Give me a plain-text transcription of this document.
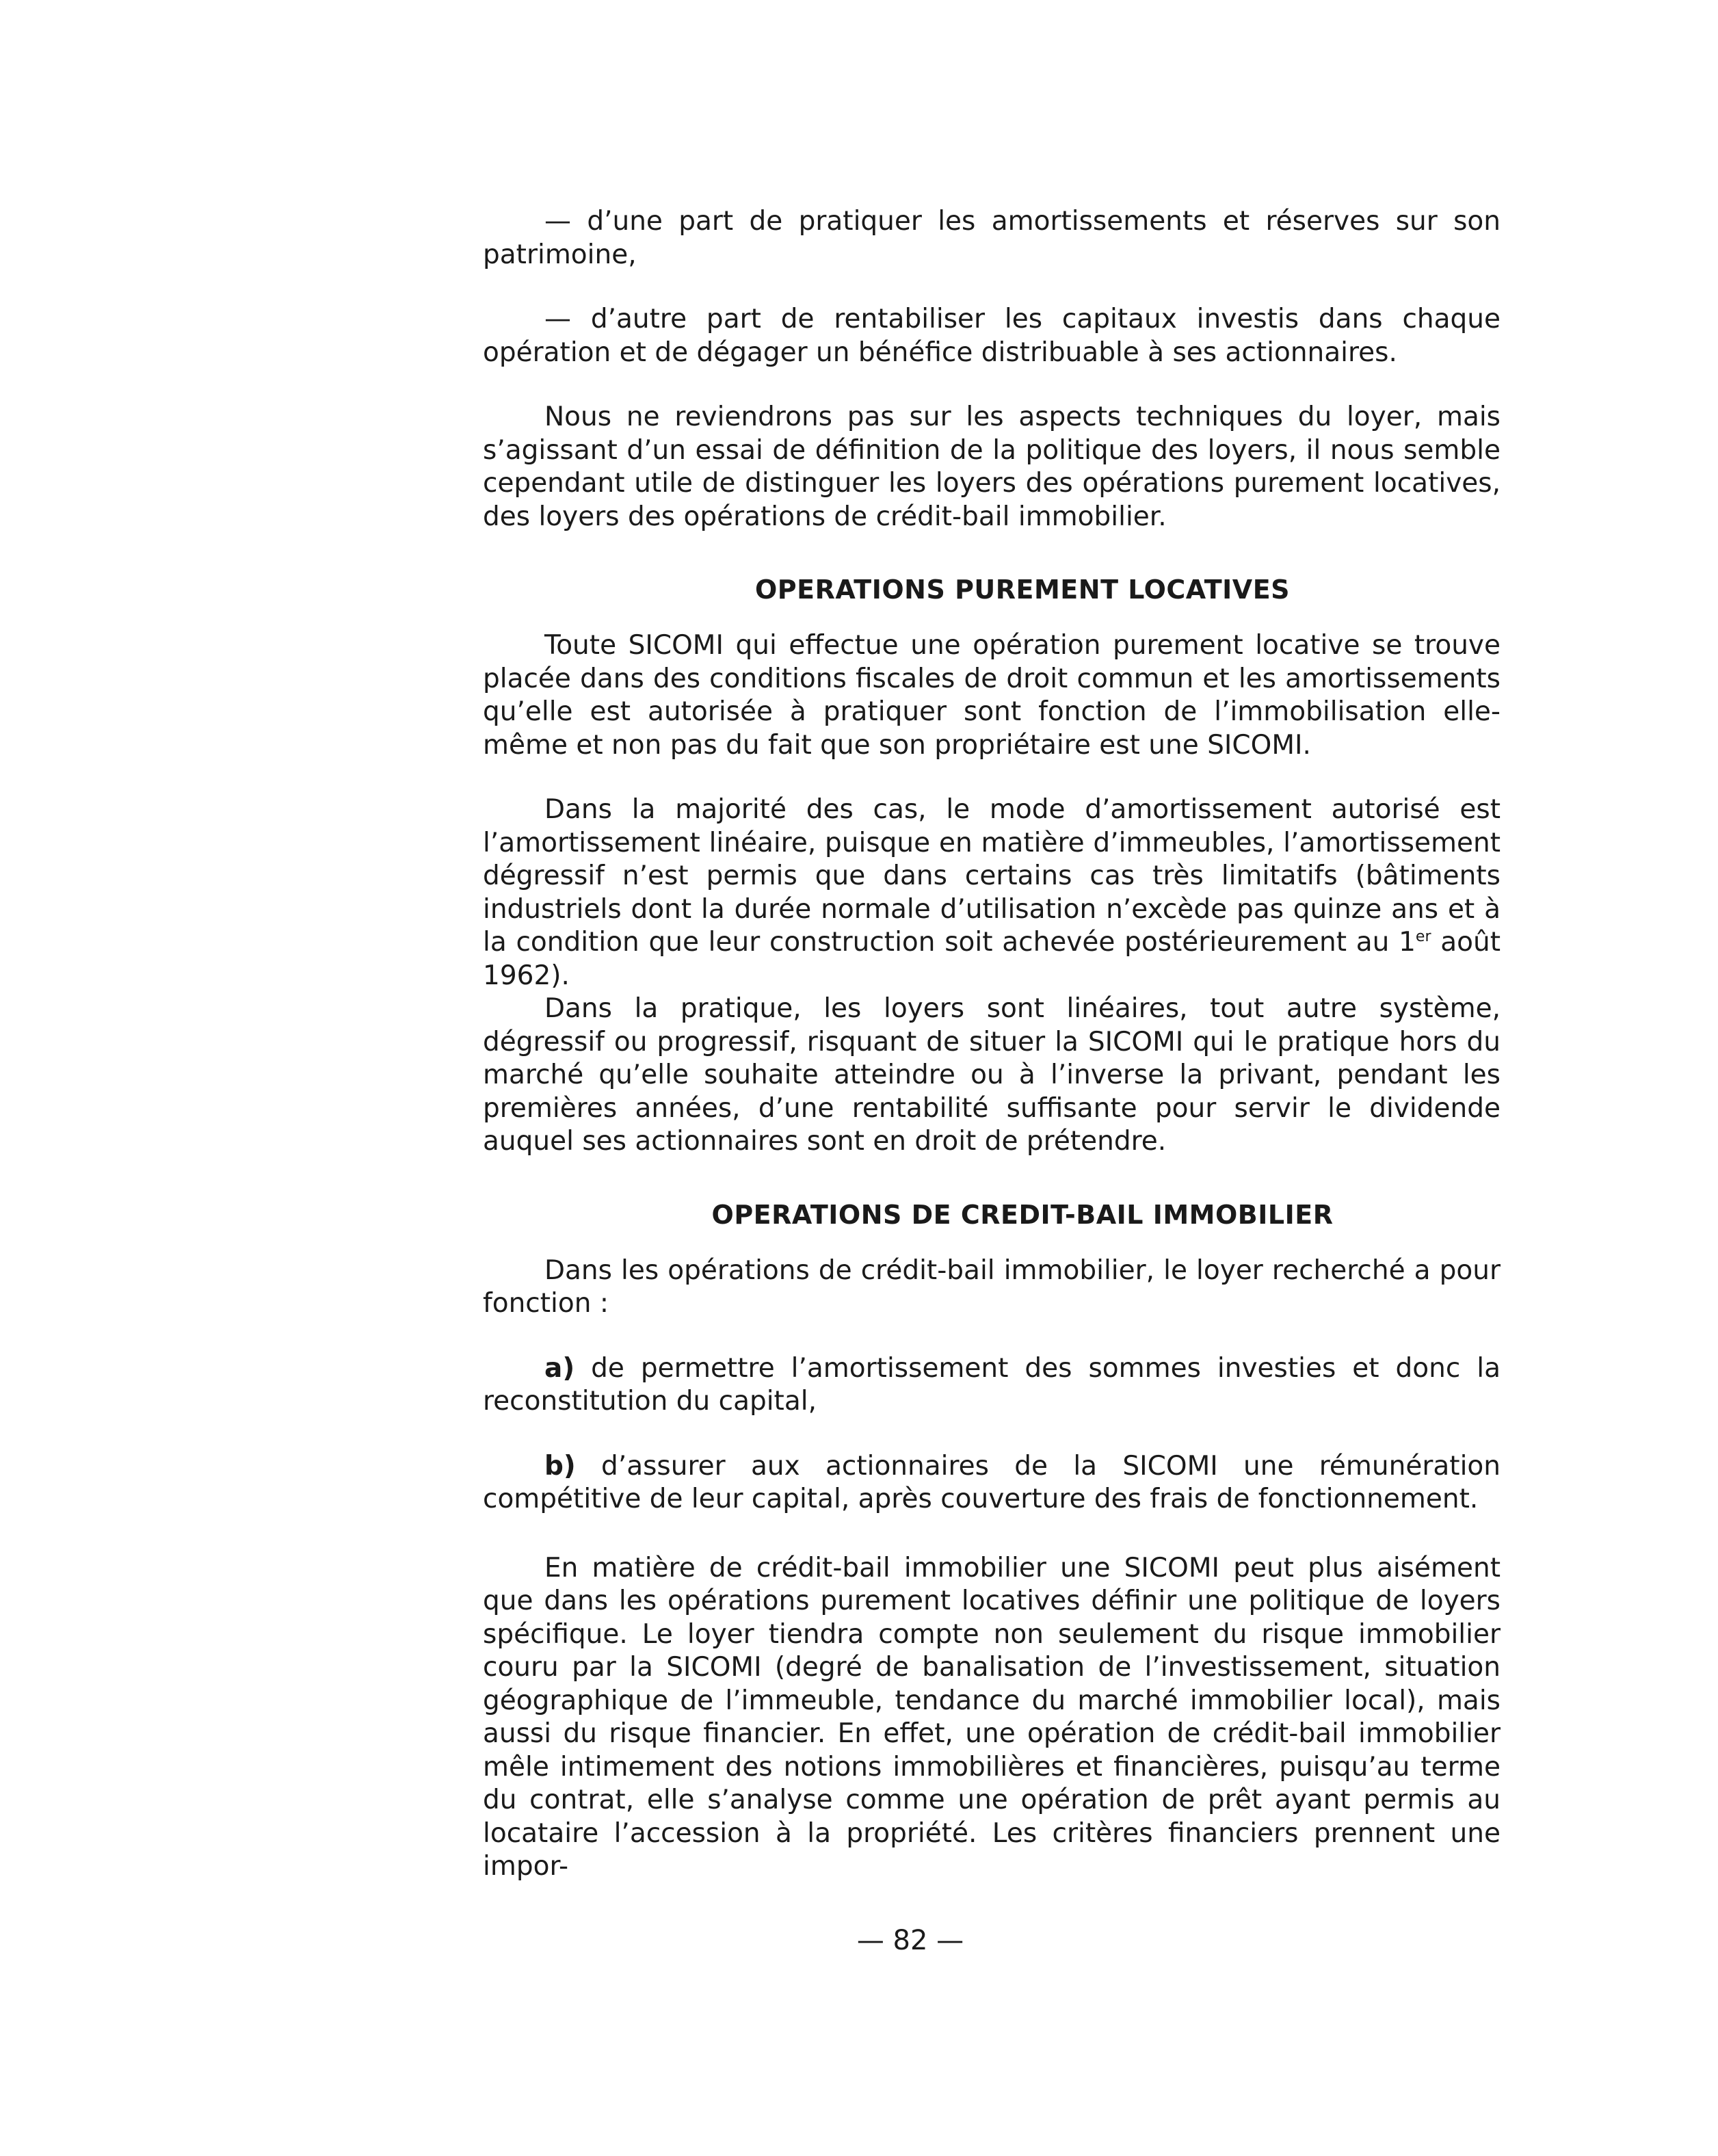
— d’une part de pratiquer les amortissements et réserves sur son patrimoine,

— d’autre part de rentabiliser les capitaux investis dans chaque opération et de dégager un bénéfice distribuable à ses actionnaires.

Nous ne reviendrons pas sur les aspects techniques du loyer, mais s’agissant d’un essai de définition de la politique des loyers, il nous semble cependant utile de distinguer les loyers des opérations purement locatives, des loyers des opérations de crédit-bail immobilier.

OPERATIONS PUREMENT LOCATIVES

Toute SICOMI qui effectue une opération purement locative se trouve placée dans des conditions fiscales de droit commun et les amortissements qu’elle est autorisée à pratiquer sont fonction de l’immobilisation elle-même et non pas du fait que son propriétaire est une SICOMI.

Dans la majorité des cas, le mode d’amortissement autorisé est l’amortissement linéaire, puisque en matière d’immeubles, l’amortissement dégressif n’est permis que dans certains cas très limitatifs (bâtiments industriels dont la durée normale d’utilisation n’excède pas quinze ans et à la condition que leur construction soit achevée postérieurement au 1er août 1962).

Dans la pratique, les loyers sont linéaires, tout autre système, dégressif ou progressif, risquant de situer la SICOMI qui le pratique hors du marché qu’elle souhaite atteindre ou à l’inverse la privant, pendant les premières années, d’une rentabilité suffisante pour servir le dividende auquel ses actionnaires sont en droit de prétendre.

OPERATIONS DE CREDIT-BAIL IMMOBILIER

Dans les opérations de crédit-bail immobilier, le loyer recherché a pour fonction :

a) de permettre l’amortissement des sommes investies et donc la reconstitution du capital,

b) d’assurer aux actionnaires de la SICOMI une rémunération compétitive de leur capital, après couverture des frais de fonctionnement.

En matière de crédit-bail immobilier une SICOMI peut plus aisément que dans les opérations purement locatives définir une politique de loyers spécifique. Le loyer tiendra compte non seulement du risque immobilier couru par la SICOMI (degré de banalisation de l’investissement, situation géographique de l’immeuble, tendance du marché immobilier local), mais aussi du risque financier. En effet, une opération de crédit-bail immobilier mêle intimement des notions immobilières et financières, puisqu’au terme du contrat, elle s’analyse comme une opération de prêt ayant permis au locataire l’accession à la propriété. Les critères financiers prennent une impor-

— 82 —
